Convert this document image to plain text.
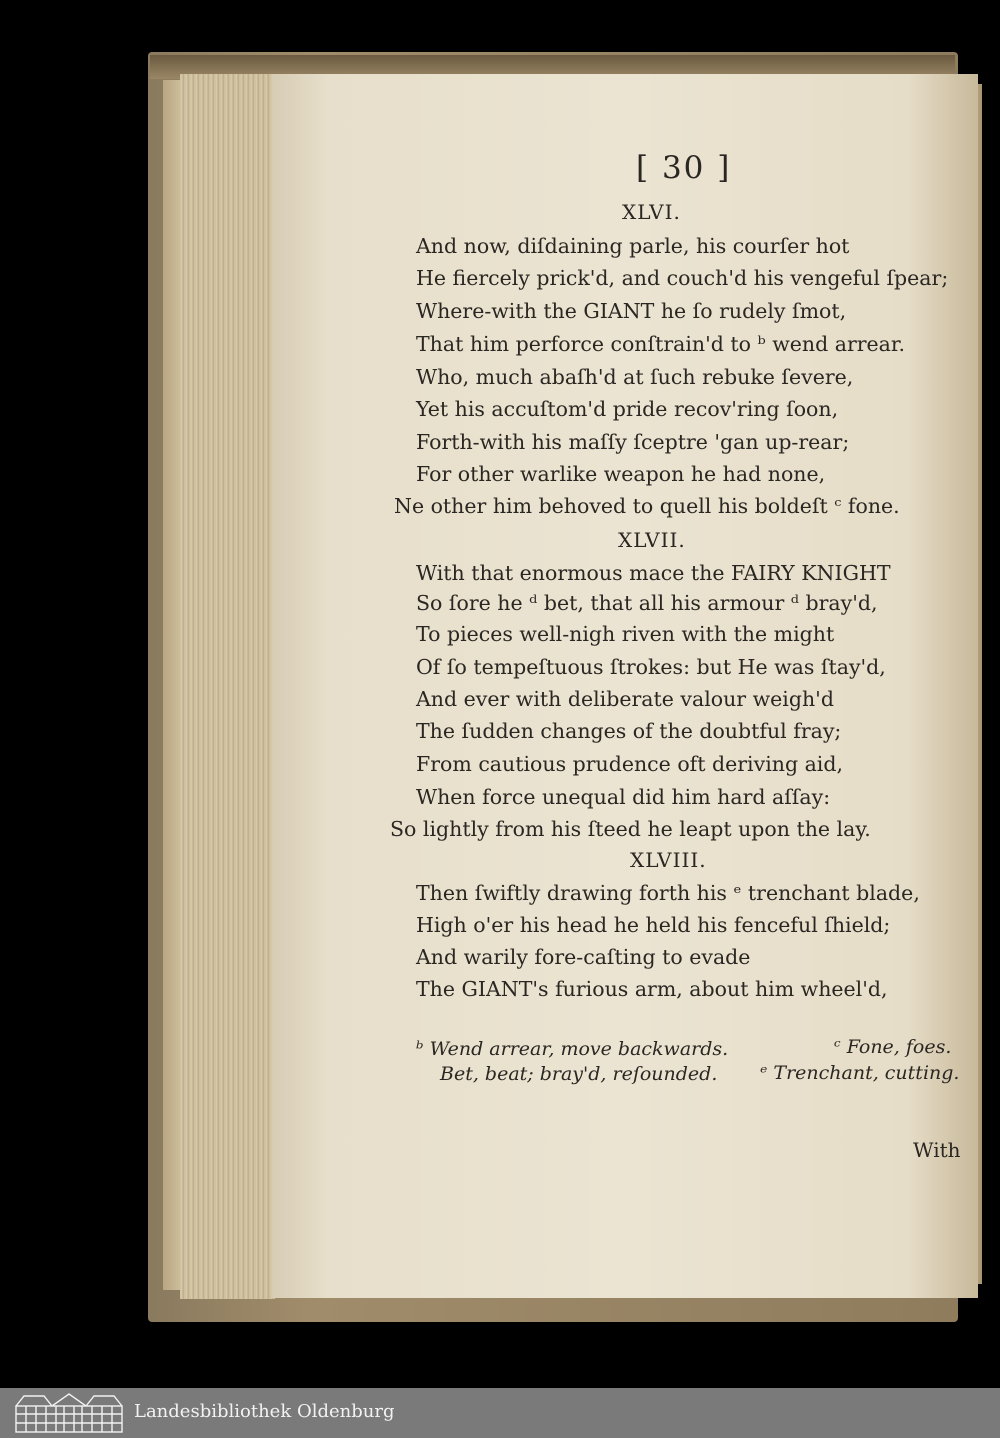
[ 30 ]
XLVI.
And now, diſdaining parle, his courſer hot
He fiercely prick'd, and couch'd his vengeful ſpear;
Where-with the GIANT he ſo rudely ſmot,
That him perforce conſtrain'd to ᵇ wend arrear.
Who, much abaſh'd at ſuch rebuke ſevere,
Yet his accuſtom'd pride recov'ring ſoon,
Forth-with his maſſy ſceptre 'gan up-rear;
For other warlike weapon he had none,
Ne other him behoved to quell his boldeſt ᶜ fone.
XLVII.
With that enormous mace the FAIRY KNIGHT
So ſore he ᵈ bet, that all his armour ᵈ bray'd,
To pieces well-nigh riven with the might
Of ſo tempeſtuous ſtrokes: but He was ſtay'd,
And ever with deliberate valour weigh'd
The ſudden changes of the doubtful fray;
From cautious prudence oft deriving aid,
When force unequal did him hard aſſay:
So lightly from his ſteed he leapt upon the lay.
XLVIII.
Then ſwiftly drawing forth his ᵉ trenchant blade,
High o'er his head he held his fenceful ſhield;
And warily fore-caſting to evade
The GIANT's furious arm, about him wheel'd,
ᵇ Wend arrear, move backwards.	ᶜ Fone, foes.
Bet, beat; bray'd, reſounded. ᵉ Trenchant, cutting.
With
Landesbibliothek Oldenburg
